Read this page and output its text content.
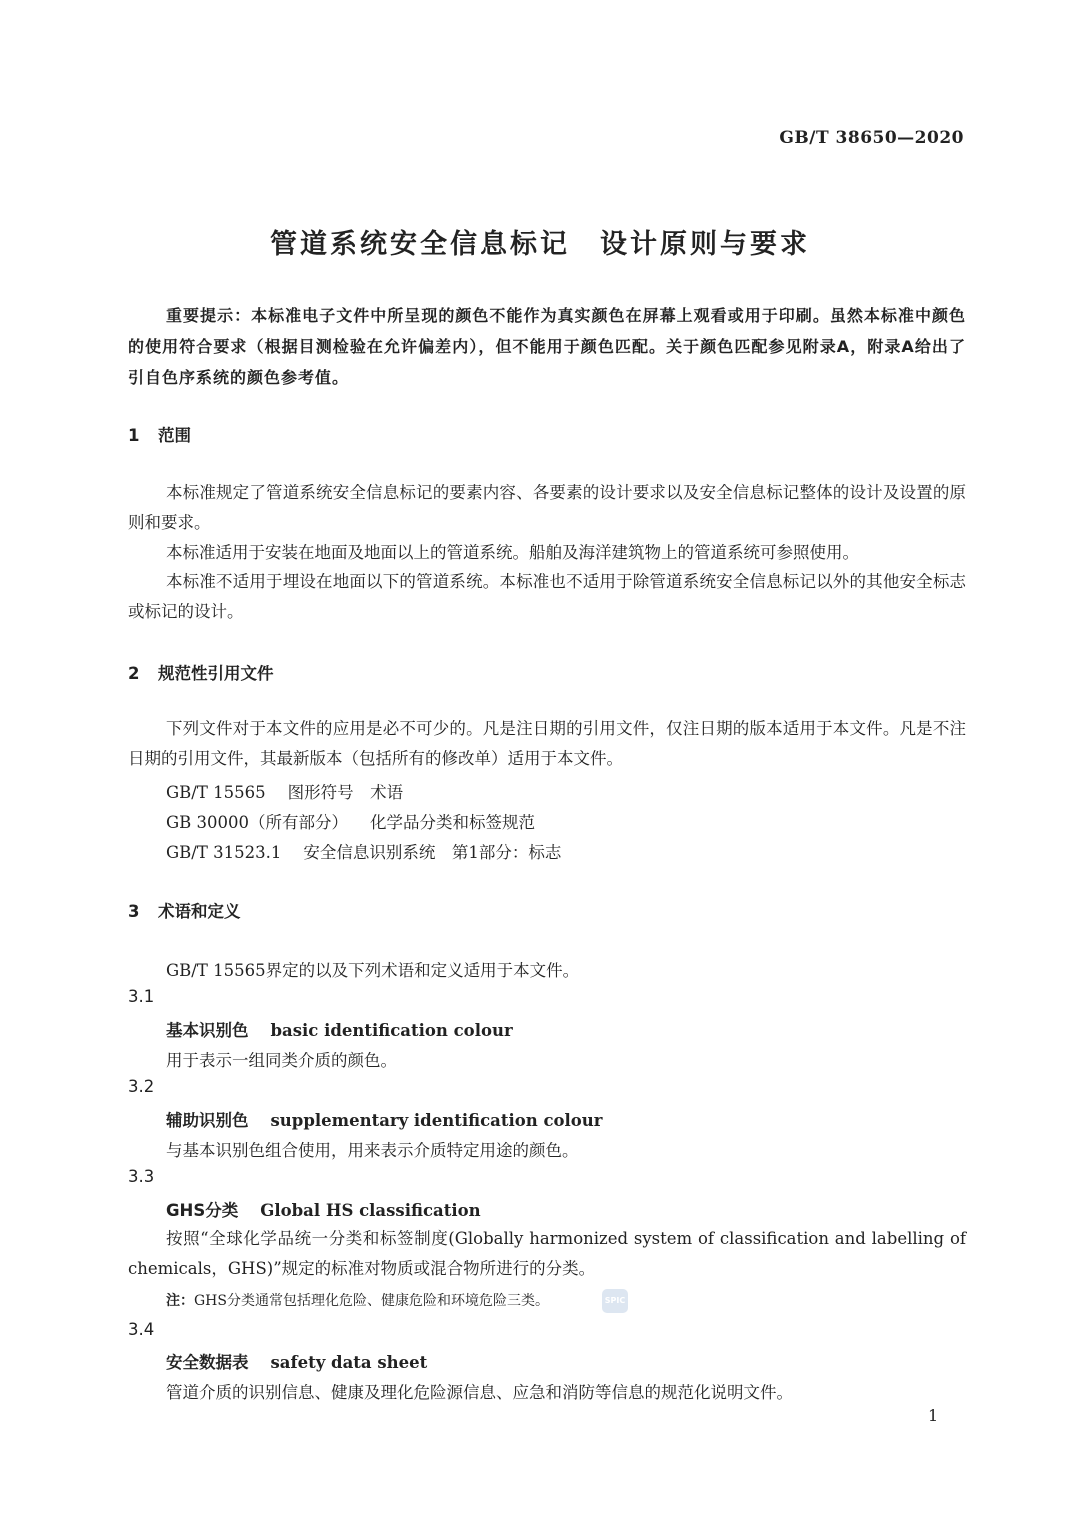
GB/T 38650—2020
管道系统安全信息标记 设计原则与要求
重要提示：本标准电子文件中所呈现的颜色不能作为真实颜色在屏幕上观看或用于印刷。虽然本标准中颜色的使用符合要求（根据目测检验在允许偏差内），但不能用于颜色匹配。关于颜色匹配参见附录A，附录A给出了引自色序系统的颜色参考值。
1 范围
本标准规定了管道系统安全信息标记的要素内容、各要素的设计要求以及安全信息标记整体的设计及设置的原则和要求。
本标准适用于安装在地面及地面以上的管道系统。船舶及海洋建筑物上的管道系统可参照使用。
本标准不适用于埋设在地面以下的管道系统。本标准也不适用于除管道系统安全信息标记以外的其他安全标志或标记的设计。
2 规范性引用文件
下列文件对于本文件的应用是必不可少的。凡是注日期的引用文件，仅注日期的版本适用于本文件。凡是不注日期的引用文件，其最新版本（包括所有的修改单）适用于本文件。
GB/T 15565 图形符号　术语
GB 30000（所有部分） 化学品分类和标签规范
GB/T 31523.1 安全信息识别系统　第1部分：标志
3 术语和定义
GB/T 15565界定的以及下列术语和定义适用于本文件。
3.1
基本识别色 basic identification colour
用于表示一组同类介质的颜色。
3.2
辅助识别色 supplementary identification colour
与基本识别色组合使用，用来表示介质特定用途的颜色。
3.3
GHS分类 Global HS classification
按照“全球化学品统一分类和标签制度(Globally harmonized system of classification and labelling of chemicals，GHS)”规定的标准对物质或混合物所进行的分类。
注：GHS分类通常包括理化危险、健康危险和环境危险三类。	SPIC
3.4
安全数据表 safety data sheet
管道介质的识别信息、健康及理化危险源信息、应急和消防等信息的规范化说明文件。
1
